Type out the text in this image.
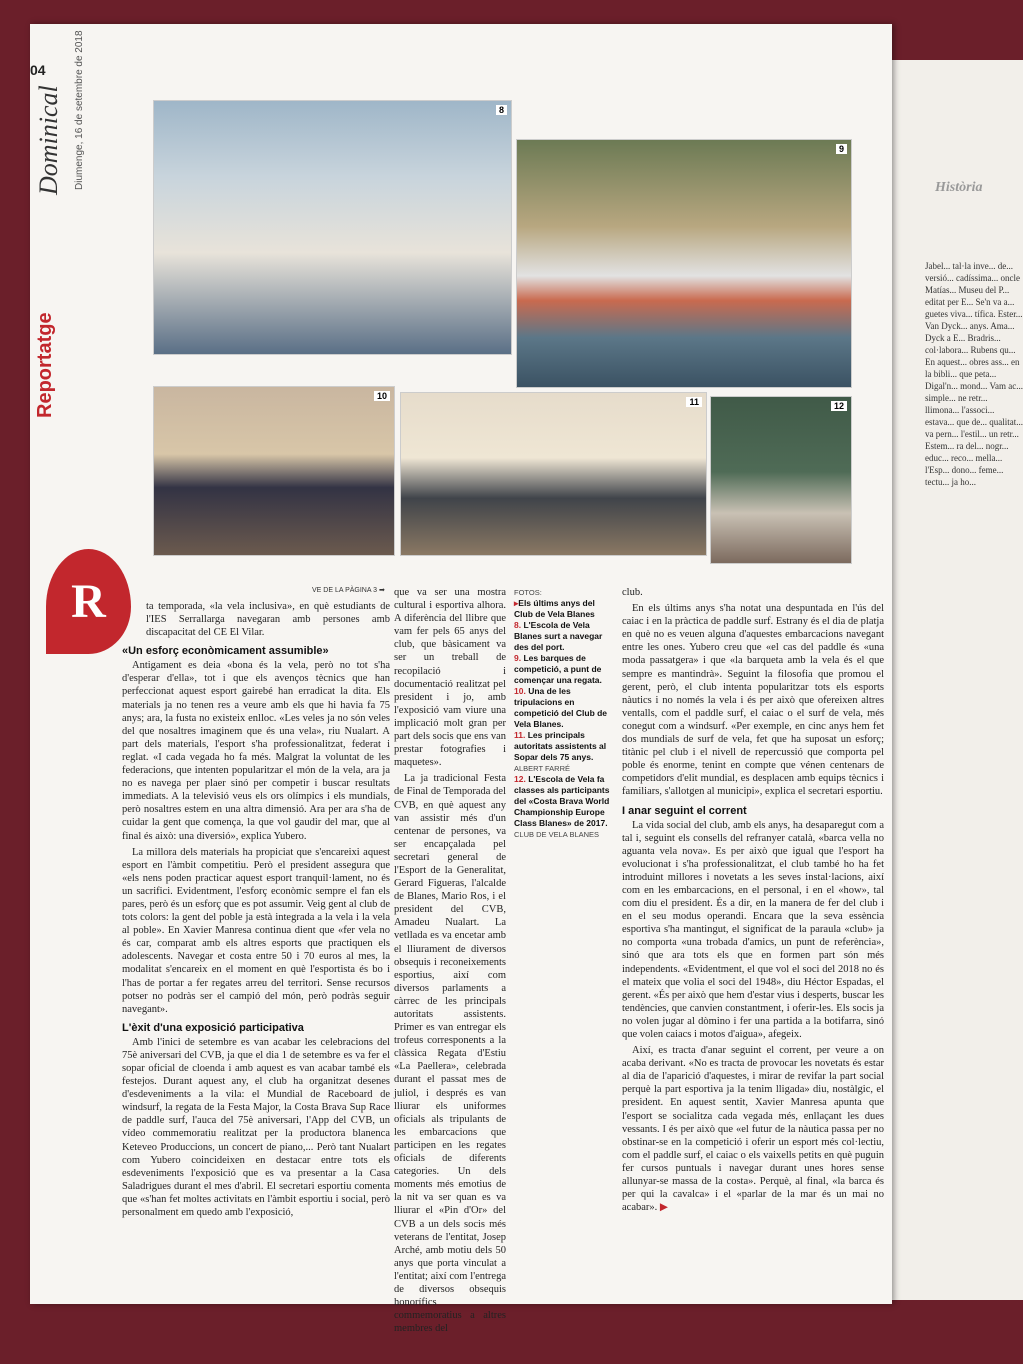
Història
Jabel... tal·la inve... de... versió... cadíssima... oncle Matías... Museu del P... editat per E... Se'n va a... guetes viva... tífica. Ester... Van Dyck... anys. Ama... Dyck a E... Bradris... col·labora... Rubens qu... En aquest... obres ass... en la bibli... que peta... Digal'n... mond... Vam ac... simple... ne retr... llimona... l'associ... estava... que de... qualitat... va pern... l'estil... un retr... Estem... ra del... nogr... educ... reco... mella... l'Esp... dono... feme... tectu... ja ho...
04
Dominical Diumenge, 16 de setembre de 2018
Reportatge
8
9
10
11	12
R	VE DE LA PÀGINA 3 ➡

ta temporada, «la vela inclusiva», en què estudiants de l'IES Serrallarga navegaran amb persones amb discapacitat del CE El Vilar.

«Un esforç econòmicament assumible»

Antigament es deia «bona és la vela, però no tot s'ha d'esperar d'ella», tot i que els avenços tècnics que han perfeccionat aquest esport gairebé han erradicat la dita. Els materials ja no tenen res a veure amb els que hi havia fa 75 anys; ara, la fusta no existeix enlloc. «Les veles ja no són veles del que nosaltres imaginem que és una vela», riu Nualart. A part dels materials, l'esport s'ha professionalitzat, federat i reglat. «I cada vegada ho fa més. Malgrat la voluntat de les federacions, que intenten popularitzar el món de la vela, ara ja no es navega per plaer sinó per competir i buscar resultats immediats. A la televisió veus els ors olímpics i els mundials, però nosaltres estem en una altra dimensió. Ara per ara s'ha de cuidar la gent que comença, la que vol gaudir del mar, que al final és això: una diversió», explica Yubero.

La millora dels materials ha propiciat que s'encareixi aquest esport en l'àmbit competitiu. Però el president assegura que «els nens poden practicar aquest esport tranquil·lament, no és un sacrifici. Evidentment, l'esforç econòmic sempre el fan els pares, però és un esforç que es pot assumir. Veig gent al club de tots colors: la gent del poble ja està integrada a la vela i la vela al poble». En Xavier Manresa continua dient que «fer vela no és car, comparat amb els altres esports que practiquen els adolescents. Navegar et costa entre 50 i 70 euros al mes, la modalitat s'encareix en el moment en què l'esportista és bo i l'has de portar a fer regates arreu del territori. Sense recursos potser no podràs ser el campió del món, però podràs seguir navegant».

L'èxit d'una exposició participativa

Amb l'inici de setembre es van acabar les celebracions del 75è aniversari del CVB, ja que el dia 1 de setembre es va fer el sopar oficial de cloenda i amb aquest es van acabar també els festejos. Durant aquest any, el club ha organitzat desenes d'esdeveniments a la vila: el Mundial de Raceboard de windsurf, la regata de la Festa Major, la Costa Brava Sup Race de paddle surf, l'auca del 75è aniversari, l'App del CVB, un vídeo commemoratiu realitzat per la productora blanenca Keteveo Produccions, un concert de piano,... Però tant Nualart com Yubero coincideixen en destacar entre tots els esdeveniments l'exposició que es va presentar a la Casa Saladrigues durant el mes d'abril. El secretari esportiu comenta que «s'han fet moltes activitats en l'àmbit esportiu i social, però personalment em quedo amb l'exposició,

que va ser una mostra cultural i esportiva alhora. A diferència del llibre que vam fer pels 65 anys del club, que bàsicament va ser un treball de recopilació i documentació realitzat pel president i jo, amb l'exposició vam viure una implicació molt gran per part dels socis que ens van prestar fotografies i maquetes».

La ja tradicional Festa de Final de Temporada del CVB, en què aquest any van assistir més d'un centenar de persones, va ser encapçalada pel secretari general de l'Esport de la Generalitat, Gerard Figueras, l'alcalde de Blanes, Mario Ros, i el president del CVB, Amadeu Nualart. La vetllada es va encetar amb el lliurament de diversos obsequis i reconeixements esportius, així com diversos parlaments a càrrec de les principals autoritats assistents. Primer es van entregar els trofeus corresponents a la clàssica Regata d'Estiu «La Paellera», celebrada durant el passat mes de juliol, i després es van lliurar els uniformes oficials als tripulants de les embarcacions que participen en les regates oficials de diferents categories. Un dels moments més emotius de la nit va ser quan es va lliurar el «Pin d'Or» del CVB a un dels socis més veterans de l'entitat, Josep Arché, amb motiu dels 50 anys que porta vinculat a l'entitat; així com l'entrega de diversos obsequis honorífics commemoratius a altres membres del

FOTOS:
▸Els últims anys del Club de Vela Blanes
8. L'Escola de Vela Blanes surt a navegar des del port.
9. Les barques de competició, a punt de començar una regata.
10. Una de les tripulacions en competició del Club de Vela Blanes.
11. Les principals autoritats assistents al Sopar dels 75 anys. ALBERT FARRÉ
12. L'Escola de Vela fa classes als participants del «Costa Brava World Championship Europe Class Blanes» de 2017.
CLUB DE VELA BLANES

club.

En els últims anys s'ha notat una despuntada en l'ús del caiac i en la pràctica de paddle surf. Estrany és el dia de platja en què no es veuen alguna d'aquestes embarcacions navegant entre les ones. Yubero creu que «el cas del paddle és «una moda passatgera» i que «la barqueta amb la vela és el que sempre es mantindrà». Seguint la filosofia que promou el gerent, però, el club intenta popularitzar tots els esports nàutics i no només la vela i és per això que ofereixen altres ventalls, com el paddle surf, el caiac o el surf de vela, més conegut com a windsurf. «Per exemple, en cinc anys hem fet dos mundials de surf de vela, fet que ha suposat un esforç; titànic pel club i el nivell de repercussió que comporta pel poble és enorme, tenint en compte que vénen centenars de competidors d'elit mundial, es desplacen amb equips tècnics i familiars, s'allotgen al municipi», explica el secretari esportiu.

I anar seguint el corrent

La vida social del club, amb els anys, ha desaparegut com a tal i, seguint els consells del refranyer català, «barca vella no aguanta vela nova». Es per això que igual que l'esport ha evolucionat i s'ha professionalitzat, el club també ho ha fet introduint millores i novetats a les seves instal·lacions, així com en les embarcacions, en el personal, i en el «how», tal com diu el president. És a dir, en la manera de fer del club i en el seu modus operandi. Encara que la seva essència esportiva s'ha mantingut, el significat de la paraula «club» ja no comporta «una trobada d'amics, un punt de referència», sinó que ara tots els que en formen part són més independents. «Evidentment, el que vol el soci del 2018 no és el mateix que volia el soci del 1948», diu Héctor Espadas, el gerent. «És per això que hem d'estar vius i desperts, buscar les tendències, que canvien constantment, i oferir-les. Els socis ja no volen jugar al dòmino i fer una partida a la botifarra, sinó que volen caiacs i motos d'aigua», afegeix.

Així, es tracta d'anar seguint el corrent, per veure a on acaba derivant. «No es tracta de provocar les novetats és estar al dia de l'aparició d'aquestes, i mirar de revifar la part social perquè la part esportiva ja la tenim lligada» diu, nostàlgic, el president. En aquest sentit, Xavier Manresa apunta que l'esport se socialitza cada vegada més, enllaçant les dues vessants. I és per això que «el futur de la nàutica passa per no obstinar-se en la competició i oferir un esport més col·lectiu, com el paddle surf, el caiac o els vaixells petits en què puguin fer cursos puntuals i navegar durant unes hores sense allunyar-se massa de la costa». Perquè, al final, «la barca és per qui la cavalca» i el «parlar de la mar és un mai no acabar». ▶
